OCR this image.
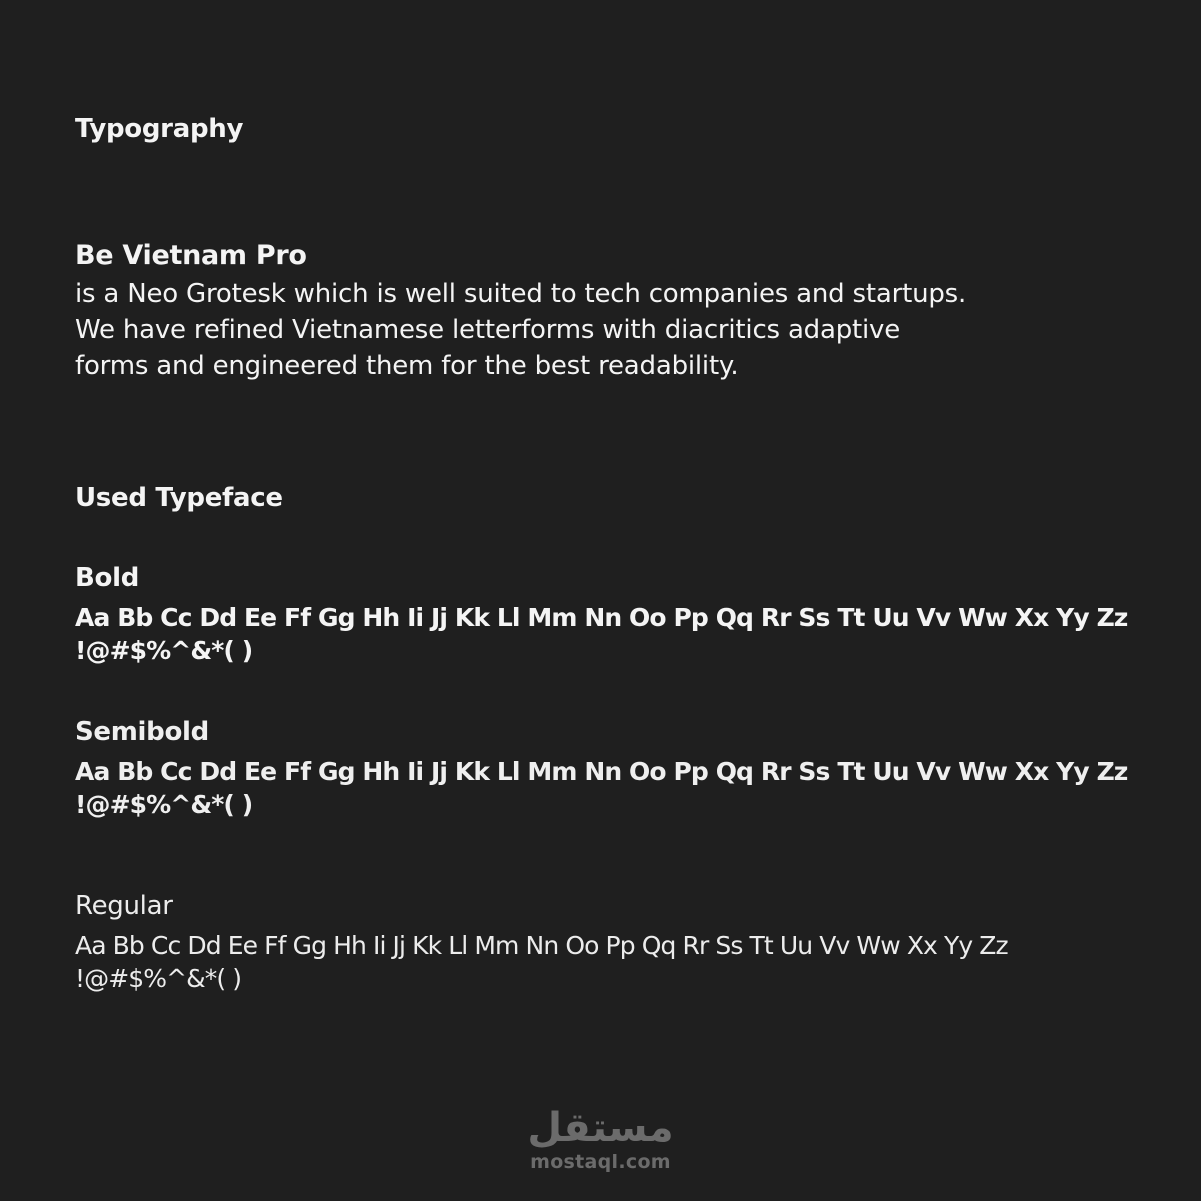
Typography
Be Vietnam Pro

is a Neo Grotesk which is well suited to tech companies and startups.
We have refined Vietnamese letterforms with diacritics adaptive
forms and engineered them for the best readability.

Used Typeface
Bold
Aa Bb Cc Dd Ee Ff Gg Hh Ii Jj Kk Ll Mm Nn Oo Pp Qq Rr Ss Tt Uu Vv Ww Xx Yy Zz
!@#$%^&*( )
Semibold
Aa Bb Cc Dd Ee Ff Gg Hh Ii Jj Kk Ll Mm Nn Oo Pp Qq Rr Ss Tt Uu Vv Ww Xx Yy Zz
!@#$%^&*( )
Regular
Aa Bb Cc Dd Ee Ff Gg Hh Ii Jj Kk Ll Mm Nn Oo Pp Qq Rr Ss Tt Uu Vv Ww Xx Yy Zz
!@#$%^&*( )
مستقل
mostaql.com
